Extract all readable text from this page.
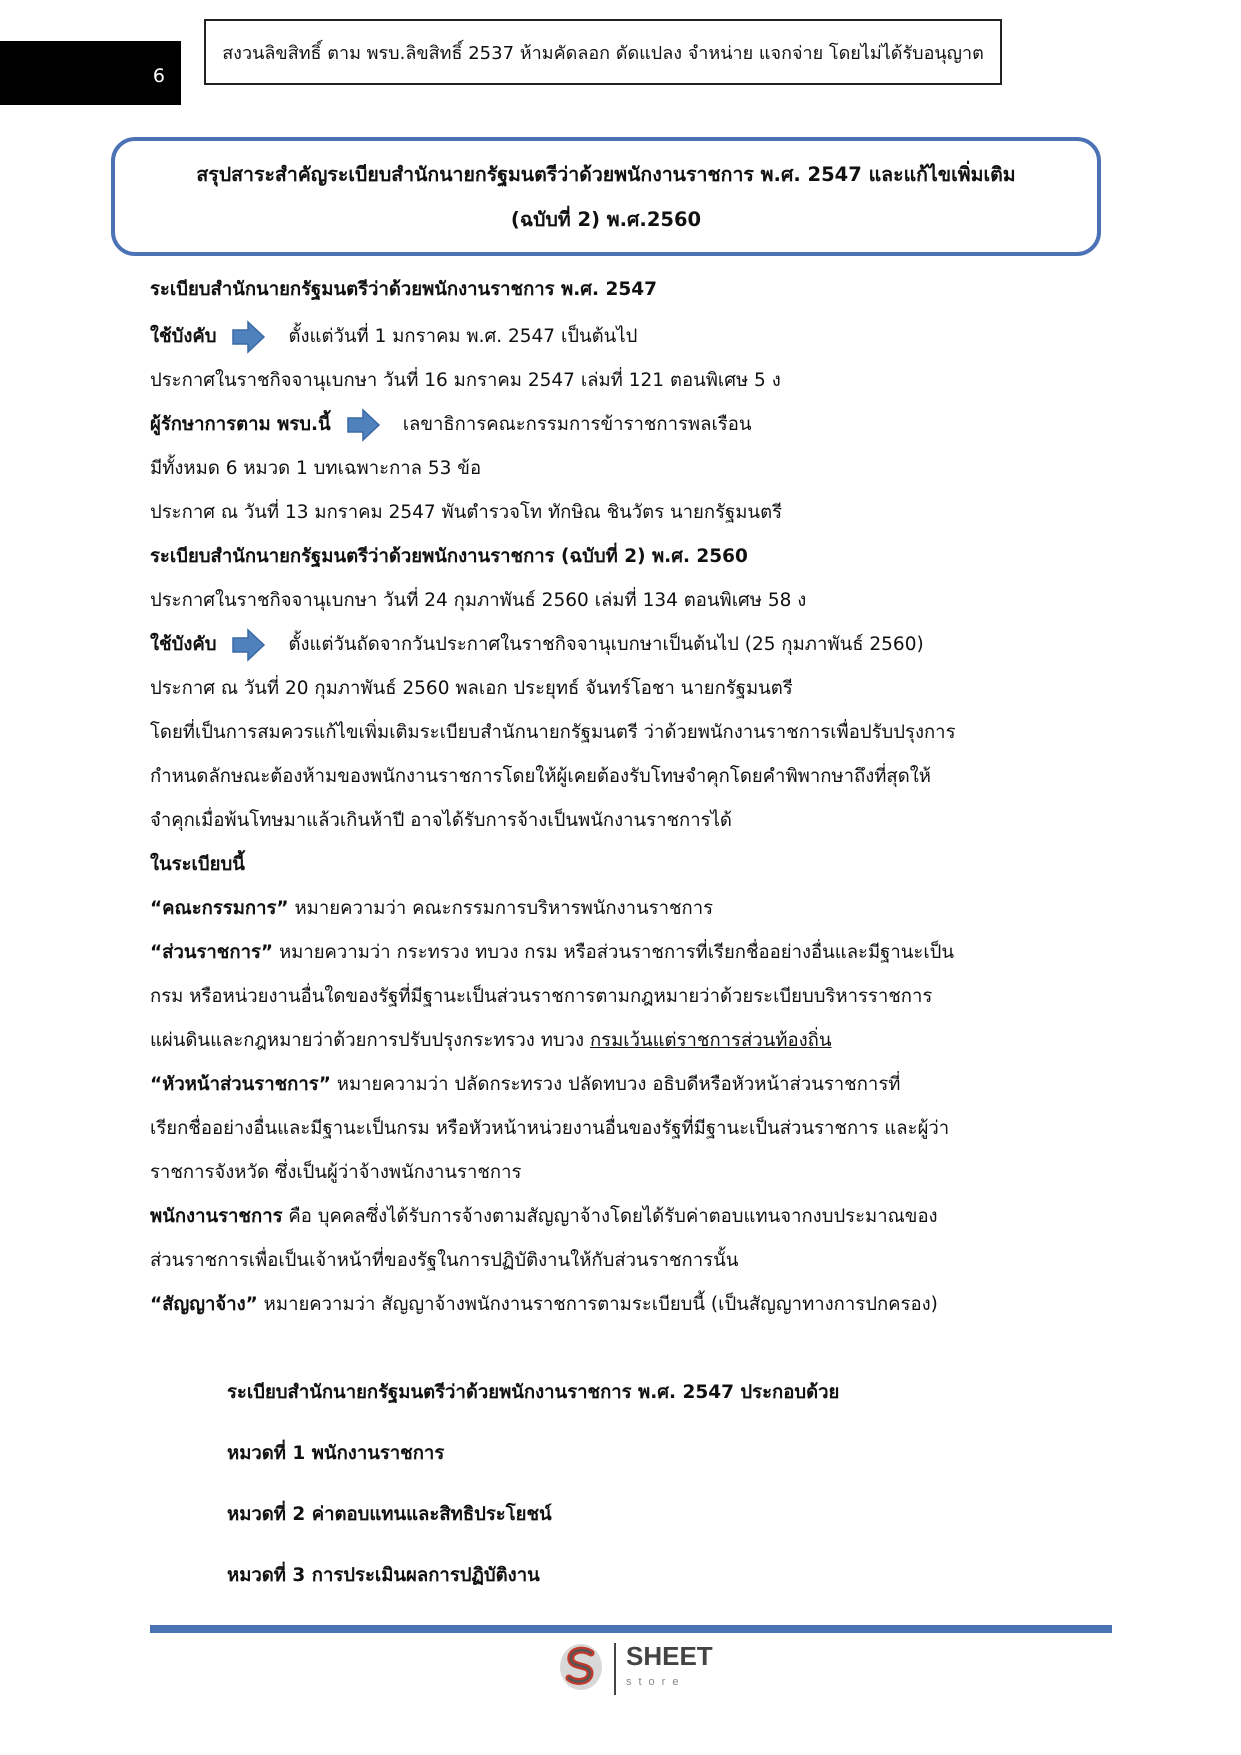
6
สงวนลิขสิทธิ์ ตาม พรบ.ลิขสิทธิ์ 2537 ห้ามคัดลอก ดัดแปลง จำหน่าย แจกจ่าย โดยไม่ได้รับอนุญาต
สรุปสาระสำคัญระเบียบสำนักนายกรัฐมนตรีว่าด้วยพนักงานราชการ พ.ศ. 2547 และแก้ไขเพิ่มเติม
(ฉบับที่ 2) พ.ศ.2560
ระเบียบสำนักนายกรัฐมนตรีว่าด้วยพนักงานราชการ พ.ศ. 2547
ใช้บังคับ	ตั้งแต่วันที่ 1 มกราคม พ.ศ. 2547 เป็นต้นไป
ประกาศในราชกิจจานุเบกษา วันที่ 16 มกราคม 2547 เล่มที่ 121 ตอนพิเศษ 5 ง
ผู้รักษาการตาม พรบ.นี้	เลขาธิการคณะกรรมการข้าราชการพลเรือน
มีทั้งหมด 6 หมวด 1 บทเฉพาะกาล 53 ข้อ
ประกาศ ณ วันที่ 13 มกราคม 2547 พันตำรวจโท ทักษิณ ชินวัตร นายกรัฐมนตรี
ระเบียบสำนักนายกรัฐมนตรีว่าด้วยพนักงานราชการ (ฉบับที่ 2) พ.ศ. 2560
ประกาศในราชกิจจานุเบกษา วันที่ 24 กุมภาพันธ์ 2560 เล่มที่ 134 ตอนพิเศษ 58 ง
ใช้บังคับ	ตั้งแต่วันถัดจากวันประกาศในราชกิจจานุเบกษาเป็นต้นไป (25 กุมภาพันธ์ 2560)
ประกาศ ณ วันที่ 20 กุมภาพันธ์ 2560 พลเอก ประยุทธ์ จันทร์โอชา นายกรัฐมนตรี
โดยที่เป็นการสมควรแก้ไขเพิ่มเติมระเบียบสำนักนายกรัฐมนตรี ว่าด้วยพนักงานราชการเพื่อปรับปรุงการ
กำหนดลักษณะต้องห้ามของพนักงานราชการโดยให้ผู้เคยต้องรับโทษจำคุกโดยคำพิพากษาถึงที่สุดให้
จำคุกเมื่อพ้นโทษมาแล้วเกินห้าปี อาจได้รับการจ้างเป็นพนักงานราชการได้
ในระเบียบนี้
“คณะกรรมการ” หมายความว่า คณะกรรมการบริหารพนักงานราชการ
“ส่วนราชการ” หมายความว่า กระทรวง ทบวง กรม หรือส่วนราชการที่เรียกชื่ออย่างอื่นและมีฐานะเป็น
กรม หรือหน่วยงานอื่นใดของรัฐที่มีฐานะเป็นส่วนราชการตามกฎหมายว่าด้วยระเบียบบริหารราชการ
แผ่นดินและกฎหมายว่าด้วยการปรับปรุงกระทรวง ทบวง กรมเว้นแต่ราชการส่วนท้องถิ่น
“หัวหน้าส่วนราชการ” หมายความว่า ปลัดกระทรวง ปลัดทบวง อธิบดีหรือหัวหน้าส่วนราชการที่
เรียกชื่ออย่างอื่นและมีฐานะเป็นกรม หรือหัวหน้าหน่วยงานอื่นของรัฐที่มีฐานะเป็นส่วนราชการ และผู้ว่า
ราชการจังหวัด ซึ่งเป็นผู้ว่าจ้างพนักงานราชการ
พนักงานราชการ คือ บุคคลซึ่งได้รับการจ้างตามสัญญาจ้างโดยได้รับค่าตอบแทนจากงบประมาณของ
ส่วนราชการเพื่อเป็นเจ้าหน้าที่ของรัฐในการปฏิบัติงานให้กับส่วนราชการนั้น
“สัญญาจ้าง” หมายความว่า สัญญาจ้างพนักงานราชการตามระเบียบนี้ (เป็นสัญญาทางการปกครอง)
ระเบียบสำนักนายกรัฐมนตรีว่าด้วยพนักงานราชการ พ.ศ. 2547 ประกอบด้วย
หมวดที่ 1 พนักงานราชการ
หมวดที่ 2 ค่าตอบแทนและสิทธิประโยชน์
หมวดที่ 3 การประเมินผลการปฏิบัติงาน
SHEET
store
